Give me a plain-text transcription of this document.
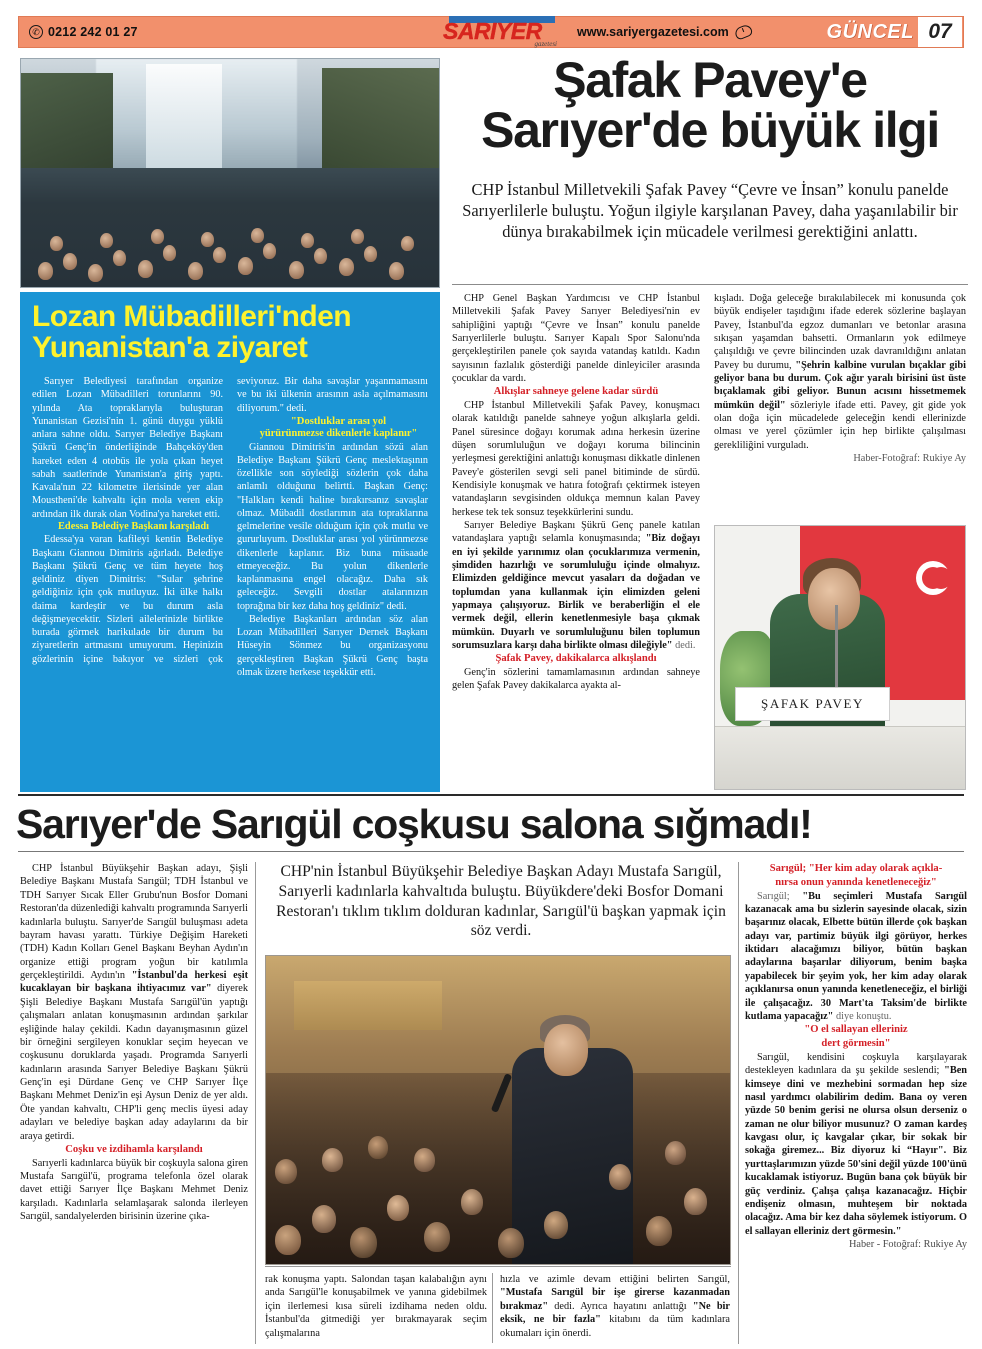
✆ 0212 242 01 27	SARIYER
gazetesi
www.sariyergazetesi.com	GÜNCEL 07
Lozan Mübadilleri'nden
Yunanistan'a ziyaret

Sarıyer Belediyesi tarafından organize edilen Lozan Mübadilleri torunlarını 90. yılında Ata topraklarıyla buluşturan Yunanistan Gezisi'nin 1. günü duygu yüklü anlara sahne oldu. Sarıyer Belediye Başkanı Şükrü Genç'in önderliğinde Bahçeköy'den hareket eden 4 otobüs ile yola çıkan heyet sabah saatlerinde Yunanistan'a giriş yaptı. Kavala'nın 22 kilometre ilerisinde yer alan Moustheni'de kahvaltı için mola veren ekip ardından ilk durak olan Vodina'ya hareket etti.

Edessa Belediye Başkanı karşıladı

Edessa'ya varan kafileyi kentin Belediye Başkanı Giannou Dimitris ağırladı. Belediye Başkanı Şükrü Genç ve tüm heyete hoş geldiniz diyen Dimitris: "Sular şehrine geldiğiniz için çok mutluyuz. İki ülke halkı daima kardeştir ve bu durum asla değişmeyecektir. Sizleri ailelerinizle birlikte burada görmek harikulade bir durum bu ziyaretlerin artmasını umuyorum. Hepinizin gözlerinin içine bakıyor ve sizleri çok seviyoruz. Bir daha savaşlar yaşanmamasını ve bu iki ülkenin arasının asla açılmamasını diliyorum." dedi.

"Dostluklar arası yol

yürürünmezse dikenlerle kaplanır"

Giannou Dimitris'in ardından sözü alan Belediye Başkanı Şükrü Genç meslektaşının özellikle son söylediği sözlerin çok daha anlamlı olduğunu belirtti. Başkan Genç: "Halkları kendi haline bırakırsanız savaşlar olmaz. Mübadil dostlarımın ata topraklarına gelmelerine vesile olduğum için çok mutlu ve gururluyum. Dostluklar arası yol yürünmezse dikenlerle kaplanır. Biz buna müsaade etmeyeceğiz. Bu yolun dikenlerle kaplanmasına engel olacağız. Daha sık geleceğiz. Sevgili dostlar atalarınızın toprağına bir kez daha hoş geldiniz" dedi.

Belediye Başkanları ardından söz alan Lozan Mübadilleri Sarıyer Dernek Başkanı Hüseyin Sönmez bu organizasyonu gerçekleştiren Başkan Şükrü Genç başta olmak üzere herkese teşekkür etti.

Şafak Pavey'e
Sarıyer'de büyük ilgi
CHP İstanbul Milletvekili Şafak Pavey “Çevre ve İnsan” konulu panelde Sarıyerlilerle buluştu. Yoğun ilgiyle karşılanan Pavey, daha yaşanılabilir bir dünya bırakabilmek için mücadele verilmesi gerektiğini anlattı.

CHP Genel Başkan Yardımcısı ve CHP İstanbul Milletvekili Şafak Pavey Sarıyer Belediyesi'nin ev sahipliğini yaptığı “Çevre ve İnsan” konulu panelde Sarıyerlilerle buluştu. Sarıyer Kapalı Spor Salonu'nda gerçekleştirilen panele çok sayıda vatandaş katıldı. Kadın sayısının fazlalık gösterdiği panelde dinleyiciler arasında çocuklar da vardı.

Alkışlar sahneye gelene kadar sürdü

CHP İstanbul Milletvekili Şafak Pavey, konuşmacı olarak katıldığı panelde sahneye yoğun alkışlarla geldi. Panel süresince doğayı korumak adına herkesin üzerine düşen sorumluluğun ve doğayı koruma bilincinin yerleşmesi gerektiğini anlattığı konuşması dikkatle dinlenen Pavey'e gösterilen sevgi seli panel bitiminde de sürdü. Kendisiyle konuşmak ve hatıra fotoğrafı çektirmek isteyen vatandaşların sevgisinden oldukça memnun kalan Pavey herkese tek tek sonsuz teşekkürlerini sundu.

Sarıyer Belediye Başkanı Şükrü Genç panele katılan vatandaşlara yaptığı selamla konuşmasında; "Biz doğayı en iyi şekilde yarınımız olan çocuklarımıza vermenin, şimdiden hazırlığı ve sorumluluğu içinde olmalıyız. Elimizden geldiğince mevcut yasaları da doğadan ve toplumdan yana kullanmak için elimizden geleni yapmaya çalışıyoruz. Birlik ve beraberliğin el ele vermek değil, ellerin kenetlenmesiyle başa çıkmak mümkün. Duyarlı ve sorumluluğunu bilen toplumun sorumsuzlara karşı daha birlikte olması dileğiyle" dedi.

Şafak Pavey, dakikalarca alkışlandı

Genç'in sözlerini tamamlamasının ardından sahneye gelen Şafak Pavey dakikalarca ayakta al-

kışladı. Doğa geleceğe bırakılabilecek mi konusunda çok büyük endişeler taşıdığını ifade ederek sözlerine başlayan Pavey, İstanbul'da egzoz dumanları ve betonlar arasına sıkışan yaşamdan bahsetti. Ormanların yok edilmeye çalışıldığı ve çevre bilincinden uzak davranıldığını anlatan Pavey bu durumu, "Şehrin kalbine vurulan bıçaklar gibi geliyor bana bu durum. Çok ağır yaralı birisini üst üste bıçaklamak gibi geliyor. Bunun acısını hissetmemek mümkün değil" sözleriyle ifade etti. Pavey, git gide yok olan doğa için mücadelede geleceğin kendi ellerinizde olması ve yerel çözümler için hep birlikte çalışılması gerekliliğini vurguladı.

Haber-Fotoğraf: Rukiye Ay

ŞAFAK PAVEY
Sarıyer'de Sarıgül coşkusu salona sığmadı!
CHP'nin İstanbul Büyükşehir Belediye Başkan Adayı Mustafa Sarıgül, Sarıyerli kadınlarla kahvaltıda buluştu. Büyükdere'deki Bosfor Domani Restoran'ı tıklım tıklım dolduran kadınlar, Sarıgül'ü başkan yapmak için söz verdi.

CHP İstanbul Büyükşehir Başkan adayı, Şişli Belediye Başkanı Mustafa Sarıgül; TDH İstanbul ve TDH Sarıyer Sıcak Eller Grubu'nun Bosfor Domani Restoran'da düzenlediği kahvaltı programında Sarıyerli kadınlarla buluştu. Sarıyer'de Sarıgül buluşması adeta bayram havası yarattı. Türkiye Değişim Hareketi (TDH) Kadın Kolları Genel Başkanı Beyhan Aydın'ın organize ettiği program yoğun bir katılımla gerçekleştirildi. Aydın'ın "İstanbul'da herkesi eşit kucaklayan bir başkana ihtiyacımız var" diyerek Şişli Belediye Başkanı Mustafa Sarıgül'ün yaptığı çalışmaları anlatan konuşmasının ardından şarkılar eşliğinde halay çekildi. Kadın dayanışmasının güzel bir örneğini sergileyen konuklar seçim heyecan ve coşkusunu doruklarda yaşadı. Programda Sarıyerli kadınların arasında Sarıyer Belediye Başkanı Şükrü Genç'in eşi Dürdane Genç ve CHP Sarıyer İlçe Başkanı Mehmet Deniz'in eşi Aysun Deniz de yer aldı. Öte yandan kahvaltı, CHP'li genç meclis üyesi aday adayları ve belediye başkan aday adaylarını da bir araya getirdi.

Coşku ve izdihamla karşılandı

Sarıyerli kadınlarca büyük bir coşkuyla salona giren Mustafa Sarıgül'ü, programa telefonla özel olarak davet ettiği Sarıyer İlçe Başkanı Mehmet Deniz karşıladı. Kadınlarla selamlaşarak salonda ilerleyen Sarıgül, sandalyelerden birisinin üzerine çıka-

rak konuşma yaptı. Salondan taşan kalabalığın aynı anda Sarıgül'le konuşabilmek ve yanına gidebilmek için ilerlemesi kısa süreli izdihama neden oldu. İstanbul'da gitmediği yer bırakmayarak seçim çalışmalarına

hızla ve azimle devam ettiğini belirten Sarıgül, "Mustafa Sarıgül bir işe girerse kazanmadan bırakmaz" dedi. Ayrıca hayatını anlattığı "Ne bir eksik, ne bir fazla" kitabını da tüm kadınlara okumaları için önerdi.

Sarıgül; "Her kim aday olarak açıkla-

nırsa onun yanında kenetleneceğiz"

Sarıgül; "Bu seçimleri Mustafa Sarıgül kazanacak ama bu sizlerin sayesinde olacak, sizin başarınız olacak, Elbette bütün illerde çok başkan adayı var, partimiz büyük ilgi görüyor, herkes iktidarı alacağımızı biliyor, bütün başkan adaylarına başarılar diliyorum, benim başka yapabilecek bir şeyim yok, her kim aday olarak açıklanırsa onun yanında kenetleneceğiz, el birliği ile çalışacağız. 30 Mart'ta Taksim'de birlikte kutlama yapacağız" diye konuştu.

"O el sallayan elleriniz

dert görmesin"

Sarıgül, kendisini coşkuyla karşılayarak destekleyen kadınlara da şu şekilde seslendi; "Ben kimseye dini ve mezhebini sormadan hep size nasıl yardımcı olabilirim dedim. Bana oy veren yüzde 50 benim gerisi ne olursa olsun derseniz o zaman ne olur biliyor musunuz? O zaman kardeş kavgası olur, iç kavgalar çıkar, bir sokak bir sokağa giremez... Biz diyoruz ki “Hayır". Biz yurttaşlarımızın yüzde 50'sini değil yüzde 100'ünü kucaklamak istiyoruz. Bugün bana çok büyük bir güç verdiniz. Çalışa çalışa kazanacağız. Hiçbir endişeniz olmasın, muhteşem bir noktada olacağız. Ama bir kez daha söylemek istiyorum. O el sallayan elleriniz dert görmesin."

Haber - Fotoğraf: Rukiye Ay
